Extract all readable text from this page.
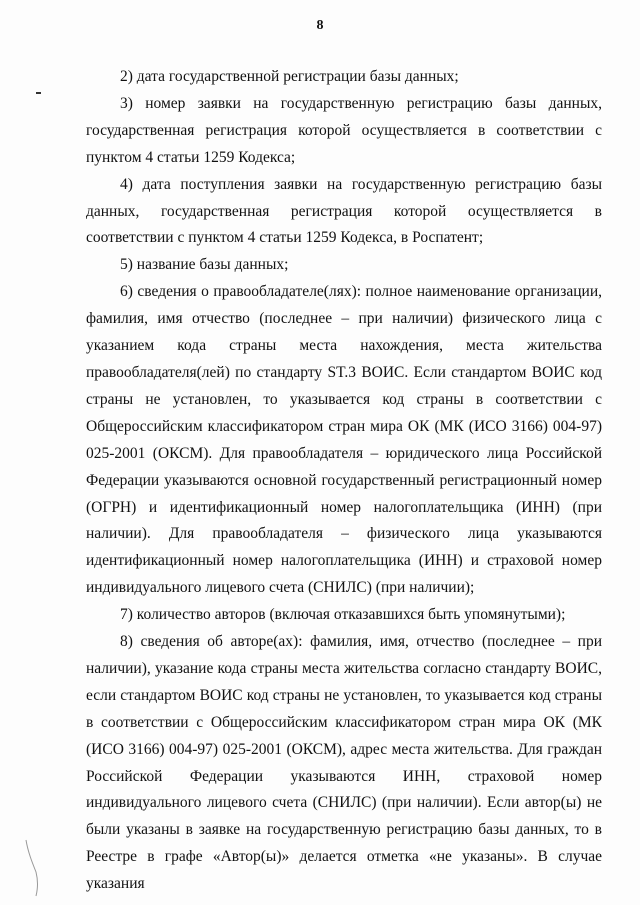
8

2) дата государственной регистрации базы данных;

3) номер заявки на государственную регистрацию базы данных, государственная регистрация которой осуществляется в соответствии с пунктом 4 статьи 1259 Кодекса;

4) дата поступления заявки на государственную регистрацию базы данных, государственная регистрация которой осуществляется в соответствии с пунктом 4 статьи 1259 Кодекса, в Роспатент;

5) название базы данных;

6) сведения о правообладателе(лях): полное наименование организации, фамилия, имя отчество (последнее – при наличии) физического лица с указанием кода страны места нахождения, места жительства правообладателя(лей) по стандарту ST.3 ВОИС. Если стандартом ВОИС код страны не установлен, то указывается код страны в соответствии с Общероссийским классификатором стран мира ОК (МК (ИСО 3166) 004-97) 025-2001 (ОКСМ). Для правообладателя – юридического лица Российской Федерации указываются основной государственный регистрационный номер (ОГРН) и идентификационный номер налогоплательщика (ИНН) (при наличии). Для правообладателя – физического лица указываются идентификационный номер налогоплательщика (ИНН) и страховой номер индивидуального лицевого счета (СНИЛС) (при наличии);

7) количество авторов (включая отказавшихся быть упомянутыми);

8) сведения об авторе(ах): фамилия, имя, отчество (последнее – при наличии), указание кода страны места жительства согласно стандарту ВОИС, если стандартом ВОИС код страны не установлен, то указывается код страны в соответствии с Общероссийским классификатором стран мира ОК (МК (ИСО 3166) 004-97) 025-2001 (ОКСМ), адрес места жительства. Для граждан Российской Федерации указываются ИНН, страховой номер индивидуального лицевого счета (СНИЛС) (при наличии). Если автор(ы) не были указаны в заявке на государственную регистрацию базы данных, то в Реестре в графе «Автор(ы)» делается отметка «не указаны». В случае указания
